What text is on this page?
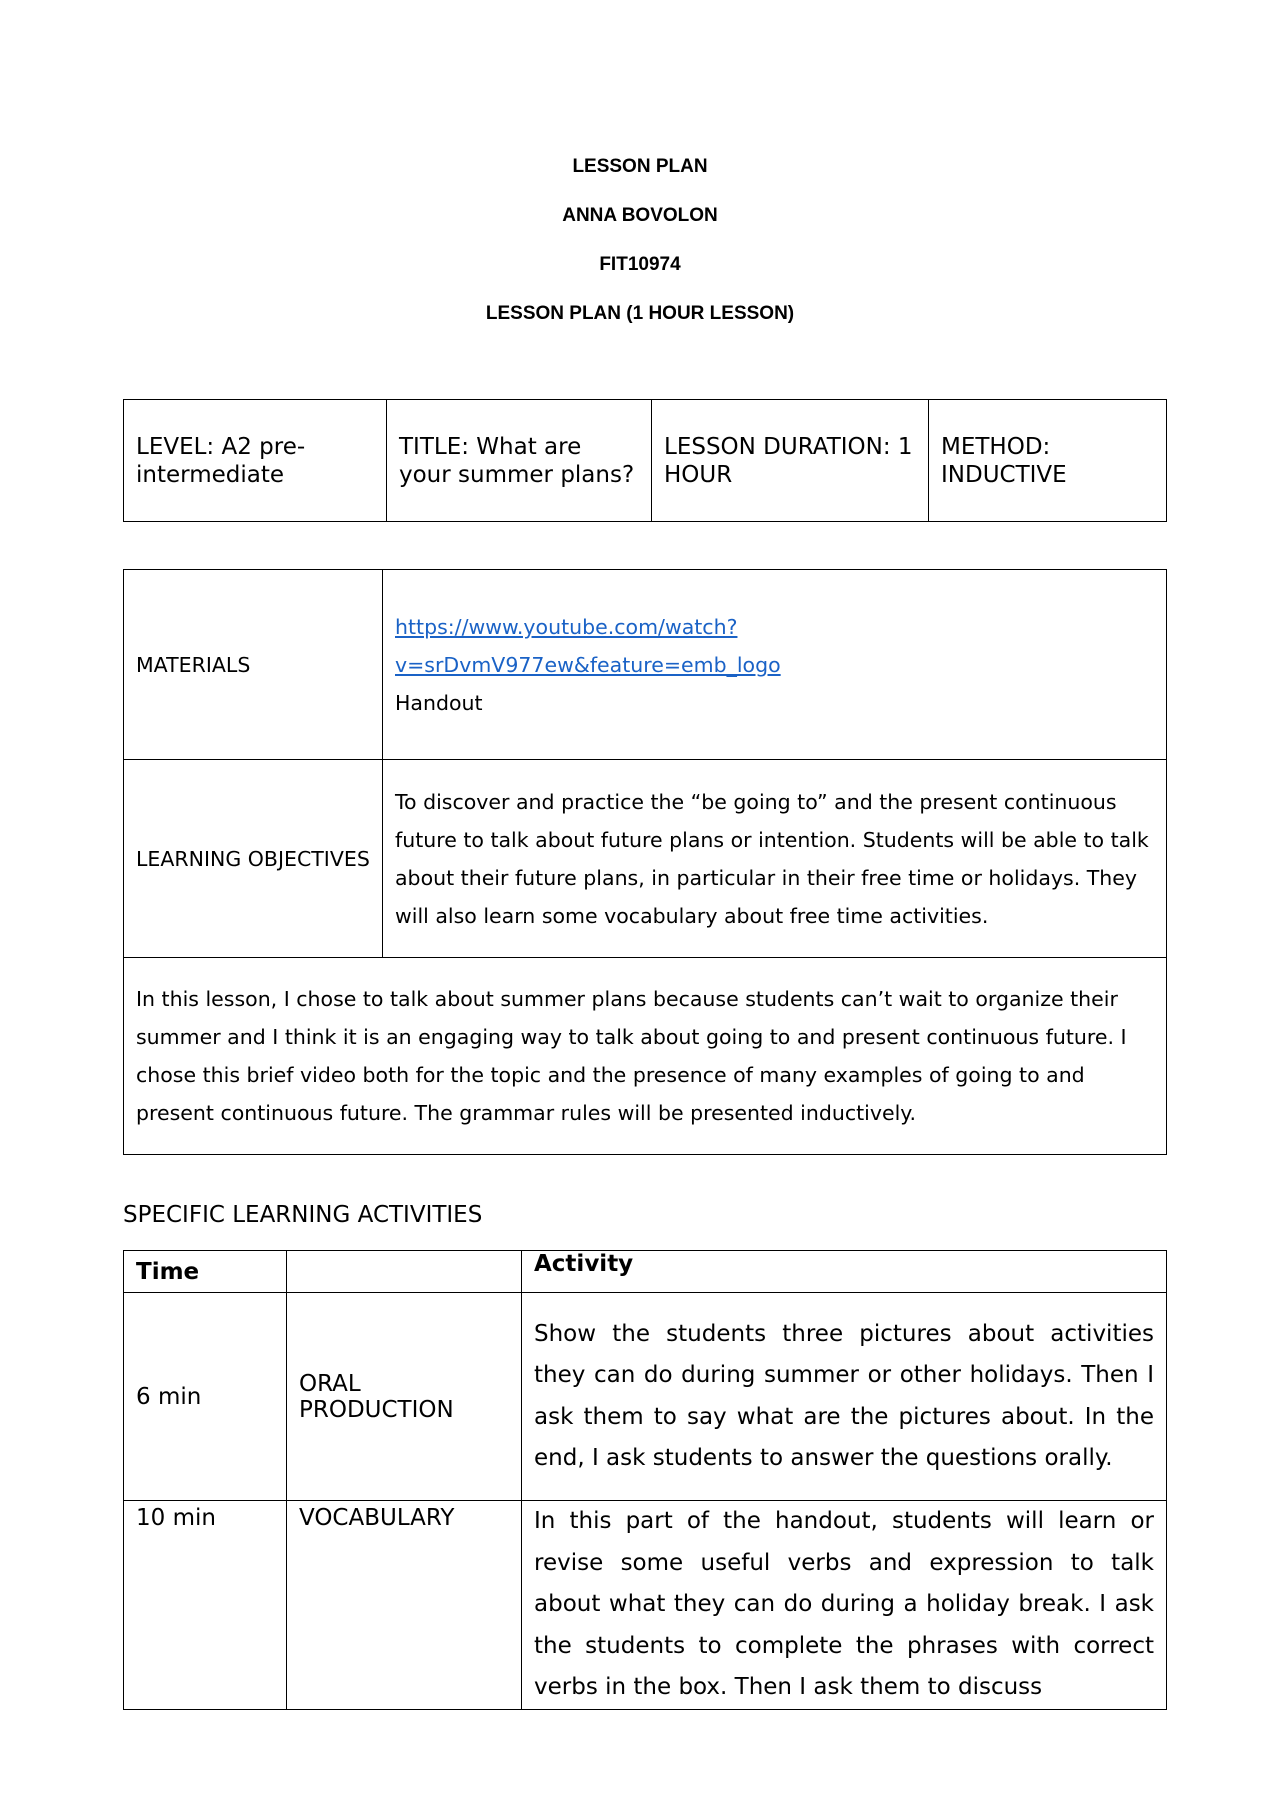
LESSON PLAN
ANNA BOVOLON
FIT10974
LESSON PLAN (1 HOUR LESSON)
LEVEL: A2 pre-intermediate	TITLE: What are your summer plans?	LESSON DURATION: 1 HOUR	METHOD: INDUCTIVE
MATERIALS	https://www.youtube.com/watch?
v=srDvmV977ew&feature=emb_logo
Handout

LEARNING OBJECTIVES	To discover and practice the “be going to” and the present continuous future to talk about future plans or intention. Students will be able to talk about their future plans, in particular in their free time or holidays. They will also learn some vocabulary about free time activities.
In this lesson, I chose to talk about summer plans because students can’t wait to organize their summer and I think it is an engaging way to talk about going to and present continuous future. I chose this brief video both for the topic and the presence of many examples of going to and present continuous future. The grammar rules will be presented inductively.	
SPECIFIC LEARNING ACTIVITIES
Time		Activity
6 min	ORAL PRODUCTION	Show the students three pictures about activities they can do during summer or other holidays. Then I ask them to say what are the pictures about. In the end, I ask students to answer the questions orally.
10 min	VOCABULARY	In this part of the handout, students will learn or revise some useful verbs and expression to talk about what they can do during a holiday break. I ask the students to complete the phrases with correct verbs in the box. Then I ask them to discuss
